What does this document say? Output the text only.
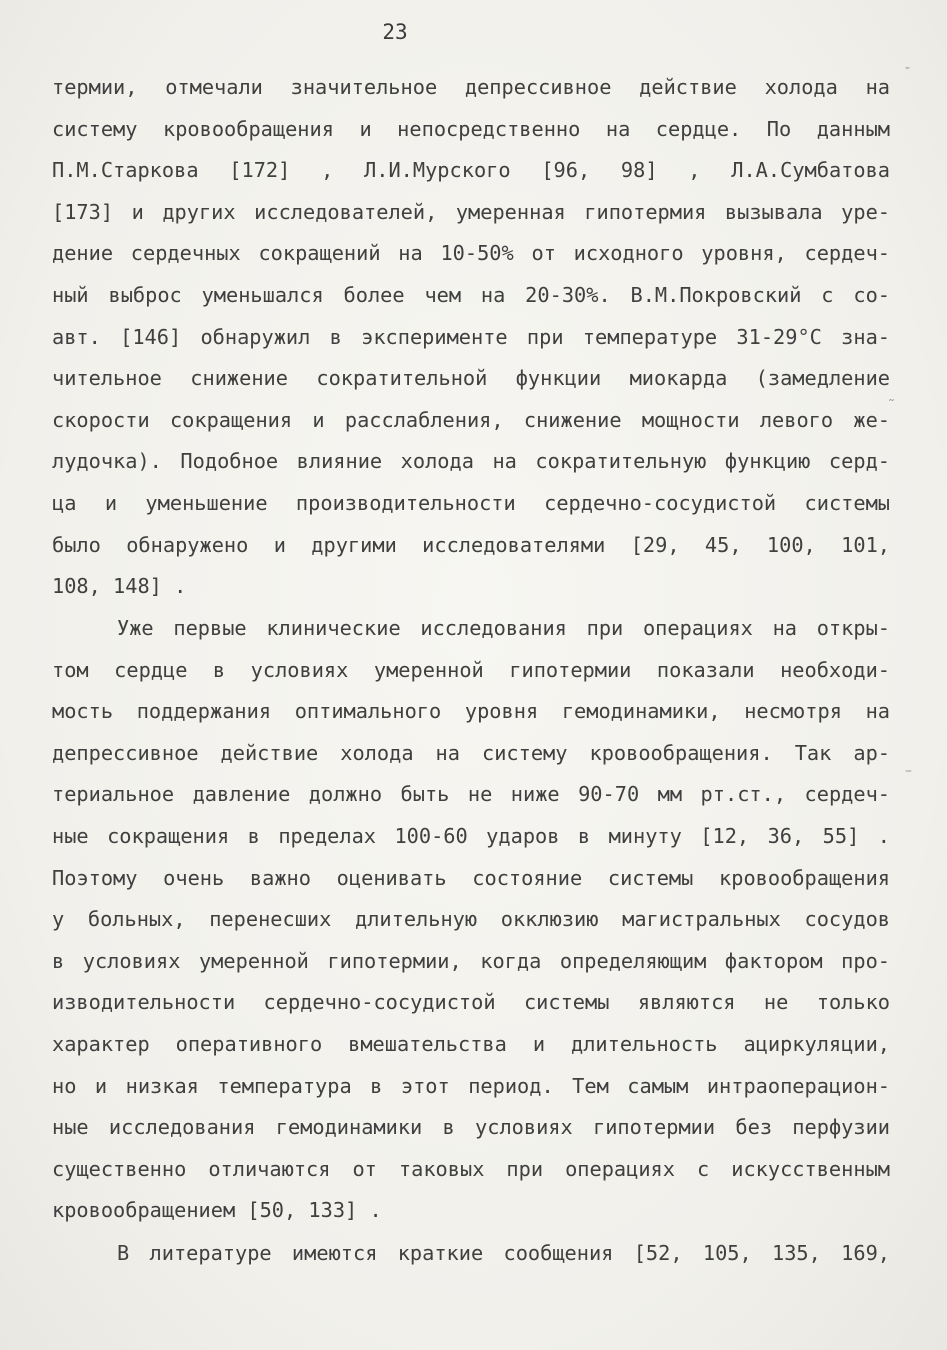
23
термии, отмечали значительное депрессивное действие холода на
систему кровообращения и непосредственно на сердце. По данным
П.М.Старкова [172] , Л.И.Мурского [96, 98] , Л.А.Сумбатова
[173] и других исследователей, умеренная гипотермия вызывала уре-
дение сердечных сокращений на 10-50% от исходного уровня, сердеч-
ный выброс уменьшался более чем на 20-30%. В.М.Покровский с со-
авт. [146] обнаружил в эксперименте при температуре 31-29°С зна-
чительное снижение сократительной функции миокарда (замедление
скорости сокращения и расслабления, снижение мощности левого же-
лудочка). Подобное влияние холода на сократительную функцию серд-
ца и уменьшение производительности сердечно-сосудистой системы
было обнаружено и другими исследователями [29, 45, 100, 101,
108, 148] .
Уже первые клинические исследования при операциях на откры-
том сердце в условиях умеренной гипотермии показали необходи-
мость поддержания оптимального уровня гемодинамики, несмотря на
депрессивное действие холода на систему кровообращения. Так ар-
териальное давление должно быть не ниже 90-70 мм рт.ст., сердеч-
ные сокращения в пределах 100-60 ударов в минуту [12, 36, 55] .
Поэтому очень важно оценивать состояние системы кровообращения
у больных, перенесших длительную окклюзию магистральных сосудов
в условиях умеренной гипотермии, когда определяющим фактором про-
изводительности сердечно-сосудистой системы являются не только
характер оперативного вмешательства и длительность ациркуляции,
но и низкая температура в этот период. Тем самым интраоперацион-
ные исследования гемодинамики в условиях гипотермии без перфузии
существенно отличаются от таковых при операциях с искусственным
кровообращением [50, 133] .
В литературе имеются краткие сообщения [52, 105, 135, 169,
‐
˜
–
